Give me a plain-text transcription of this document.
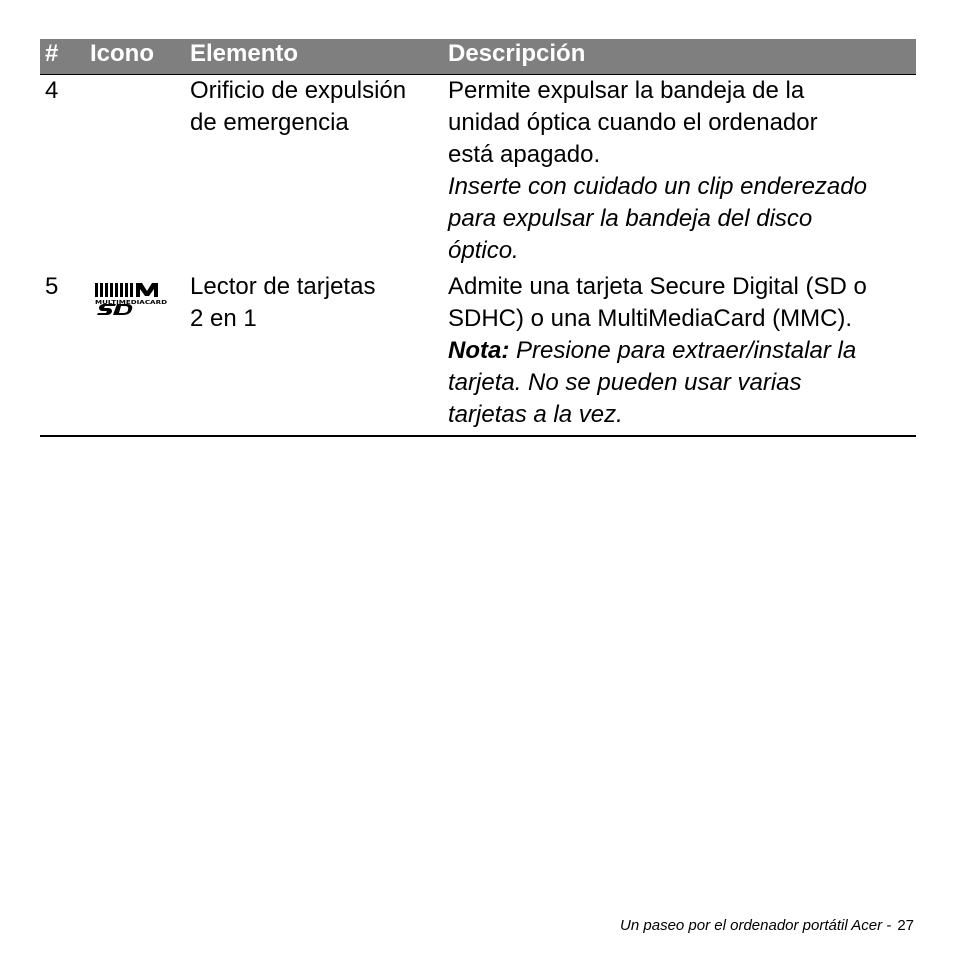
# Icono Elemento	Descripción
4	Orificio de expulsión
de emergencia
Permite expulsar la bandeja de la
unidad óptica cuando el ordenador
está apagado.
Inserte con cuidado un clip enderezado
para expulsar la bandeja del disco
óptico.
5
MULTIMEDIACARD
Lector de tarjetas
2 en 1
Admite una tarjeta Secure Digital (SD o
SDHC) o una MultiMediaCard (MMC).
Nota: Presione para extraer/instalar la
tarjeta. No se pueden usar varias
tarjetas a la vez.
Un paseo por el ordenador portátil Acer - 27
